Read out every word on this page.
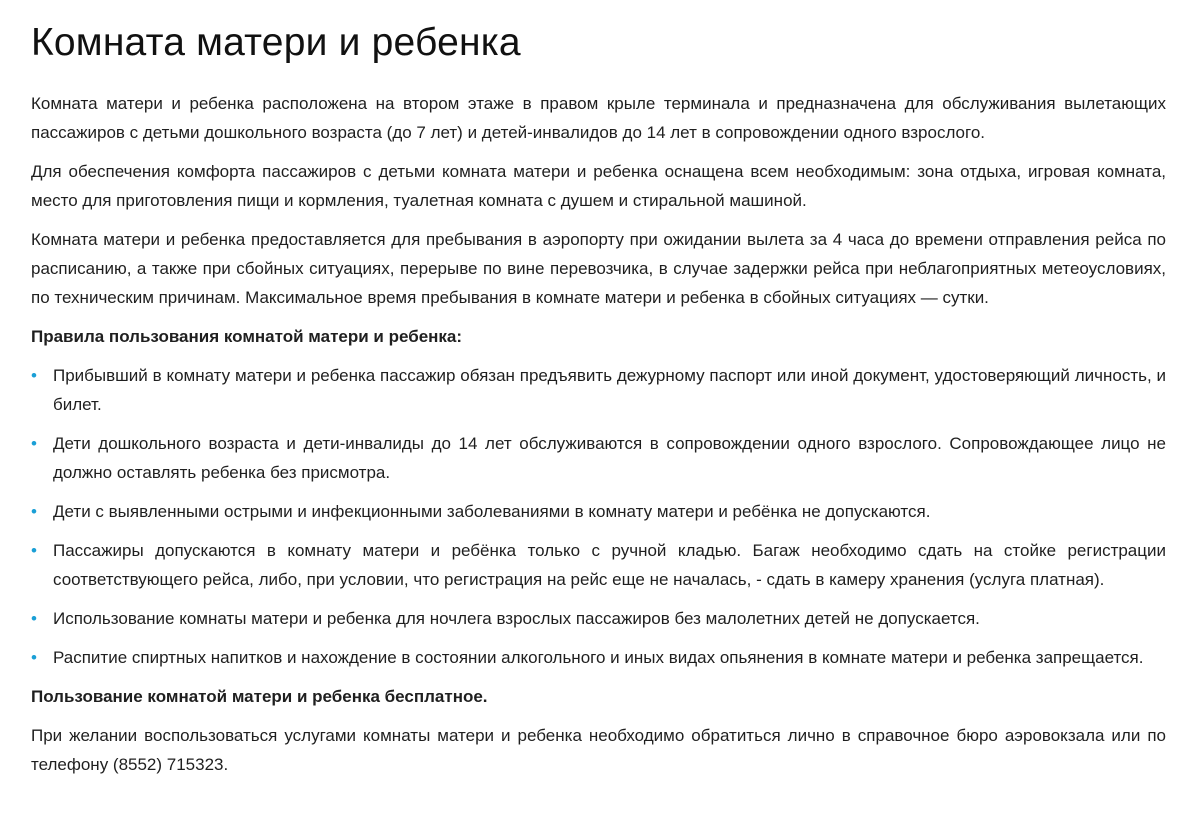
Комната матери и ребенка

Комната матери и ребенка расположена на втором этаже в правом крыле терминала и предназначена для обслуживания вылетающих пассажиров с детьми дошкольного возраста (до 7 лет) и детей-инвалидов до 14 лет в сопровождении одного взрослого.

Для обеспечения комфорта пассажиров с детьми комната матери и ребенка оснащена всем необходимым: зона отдыха, игровая комната, место для приготовления пищи и кормления, туалетная комната с душем и стиральной машиной.

Комната матери и ребенка предоставляется для пребывания в аэропорту при ожидании вылета за 4 часа до времени отправления рейса по расписанию, а также при сбойных ситуациях, перерыве по вине перевозчика, в случае задержки рейса при неблагоприятных метеоусловиях, по техническим причинам. Максимальное время пребывания в комнате матери и ребенка в сбойных ситуациях — сутки.

Правила пользования комнатой матери и ребенка:

• Прибывший в комнату матери и ребенка пассажир обязан предъявить дежурному паспорт или иной документ, удостоверяющий личность, и билет.
• Дети дошкольного возраста и дети-инвалиды до 14 лет обслуживаются в сопровождении одного взрослого. Сопровождающее лицо не должно оставлять ребенка без присмотра.
• Дети с выявленными острыми и инфекционными заболеваниями в комнату матери и ребёнка не допускаются.
• Пассажиры допускаются в комнату матери и ребёнка только с ручной кладью. Багаж необходимо сдать на стойке регистрации соответствующего рейса, либо, при условии, что регистрация на рейс еще не началась, - сдать в камеру хранения (услуга платная).
• Использование комнаты матери и ребенка для ночлега взрослых пассажиров без малолетних детей не допускается.
• Распитие спиртных напитков и нахождение в состоянии алкогольного и иных видах опьянения в комнате матери и ребенка запрещается.

Пользование комнатой матери и ребенка бесплатное.

При желании воспользоваться услугами комнаты матери и ребенка необходимо обратиться лично в справочное бюро аэровокзала или по телефону (8552) 715323.
